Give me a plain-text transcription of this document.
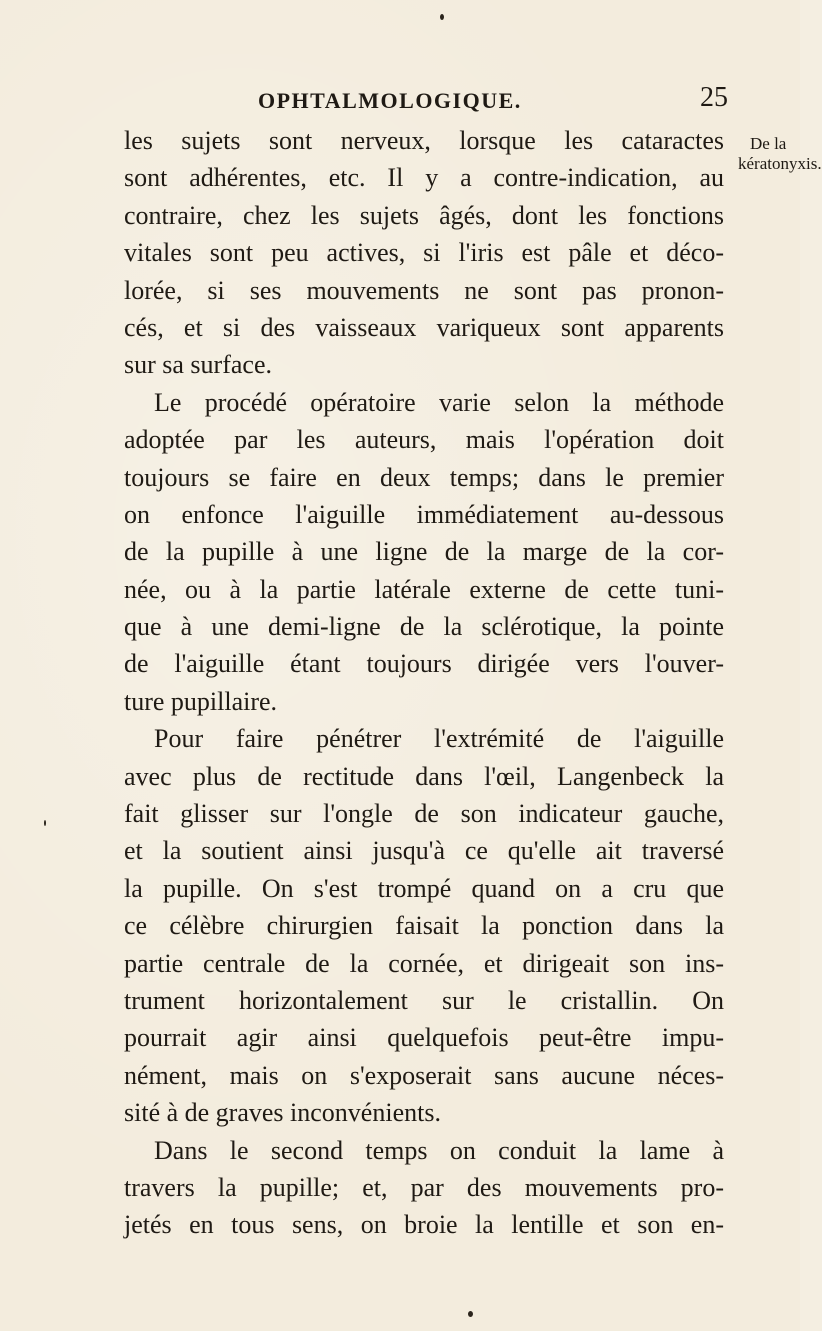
OPHTALMOLOGIQUE.	25
De la
kératonyxis.
les sujets sont nerveux, lorsque les cataractes
sont adhérentes, etc. Il y a contre-indication, au
contraire, chez les sujets âgés, dont les fonctions
vitales sont peu actives, si l'iris est pâle et déco-
lorée, si ses mouvements ne sont pas pronon-
cés, et si des vaisseaux variqueux sont apparents
sur sa surface.
Le procédé opératoire varie selon la méthode
adoptée par les auteurs, mais l'opération doit
toujours se faire en deux temps; dans le premier
on enfonce l'aiguille immédiatement au-dessous
de la pupille à une ligne de la marge de la cor-
née, ou à la partie latérale externe de cette tuni-
que à une demi-ligne de la sclérotique, la pointe
de l'aiguille étant toujours dirigée vers l'ouver-
ture pupillaire.
Pour faire pénétrer l'extrémité de l'aiguille
avec plus de rectitude dans l'œil, Langenbeck la
fait glisser sur l'ongle de son indicateur gauche,
et la soutient ainsi jusqu'à ce qu'elle ait traversé
la pupille. On s'est trompé quand on a cru que
ce célèbre chirurgien faisait la ponction dans la
partie centrale de la cornée, et dirigeait son ins-
trument horizontalement sur le cristallin. On
pourrait agir ainsi quelquefois peut-être impu-
nément, mais on s'exposerait sans aucune néces-
sité à de graves inconvénients.
Dans le second temps on conduit la lame à
travers la pupille; et, par des mouvements pro-
jetés en tous sens, on broie la lentille et son en-
